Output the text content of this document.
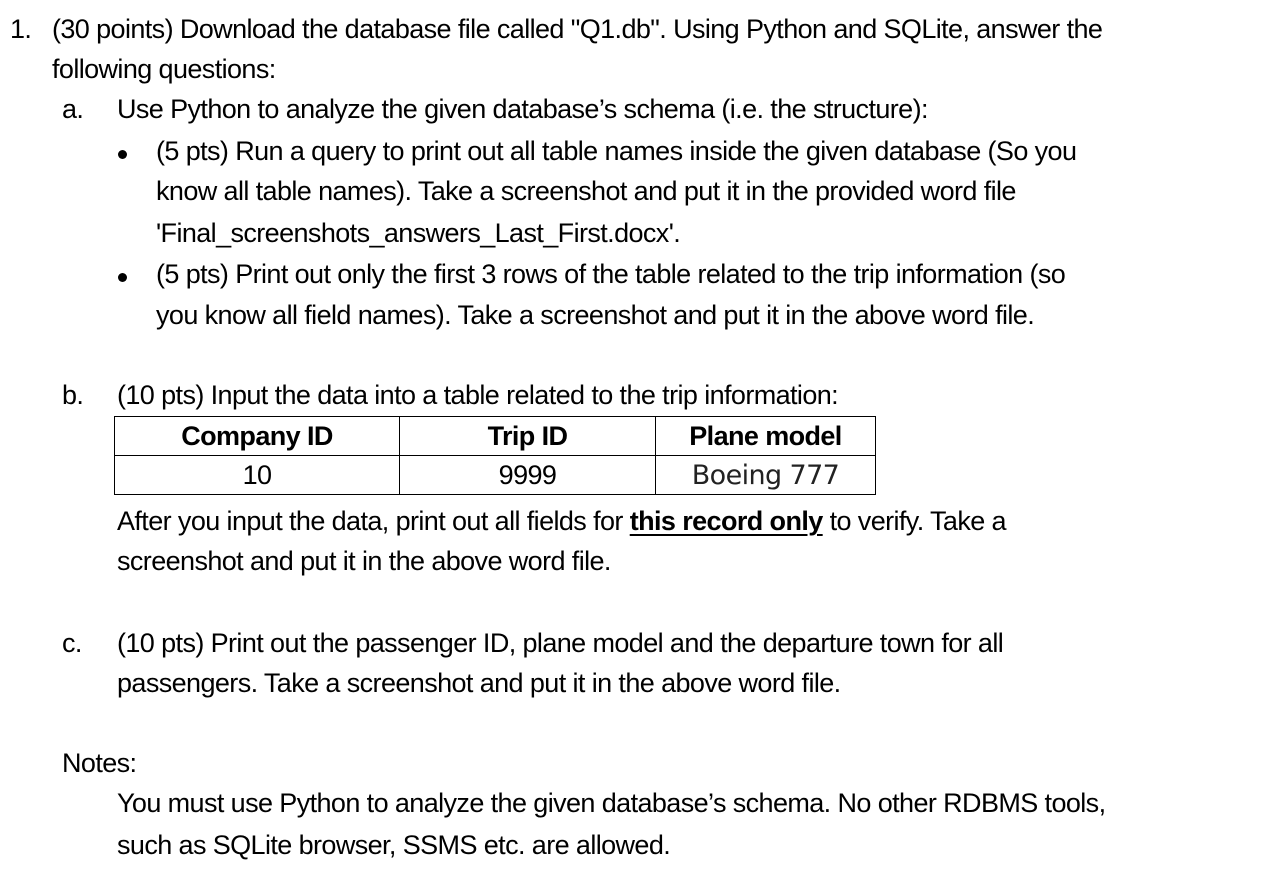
1. (30 points) Download the database file called "Q1.db". Using Python and SQLite, answer the
following questions:
a. Use Python to analyze the given database’s schema (i.e. the structure):
(5 pts) Run a query to print out all table names inside the given database (So you
know all table names). Take a screenshot and put it in the provided word file
'Final_screenshots_answers_Last_First.docx'.
(5 pts) Print out only the first 3 rows of the table related to the trip information (so
you know all field names). Take a screenshot and put it in the above word file.
b. (10 pts) Input the data into a table related to the trip information:
Company ID	Trip ID	Plane model
10	9999	Boeing 777
After you input the data, print out all fields for this record only to verify. Take a
screenshot and put it in the above word file.
c. (10 pts) Print out the passenger ID, plane model and the departure town for all
passengers. Take a screenshot and put it in the above word file.
Notes:
You must use Python to analyze the given database’s schema. No other RDBMS tools,
such as SQLite browser, SSMS etc. are allowed.
